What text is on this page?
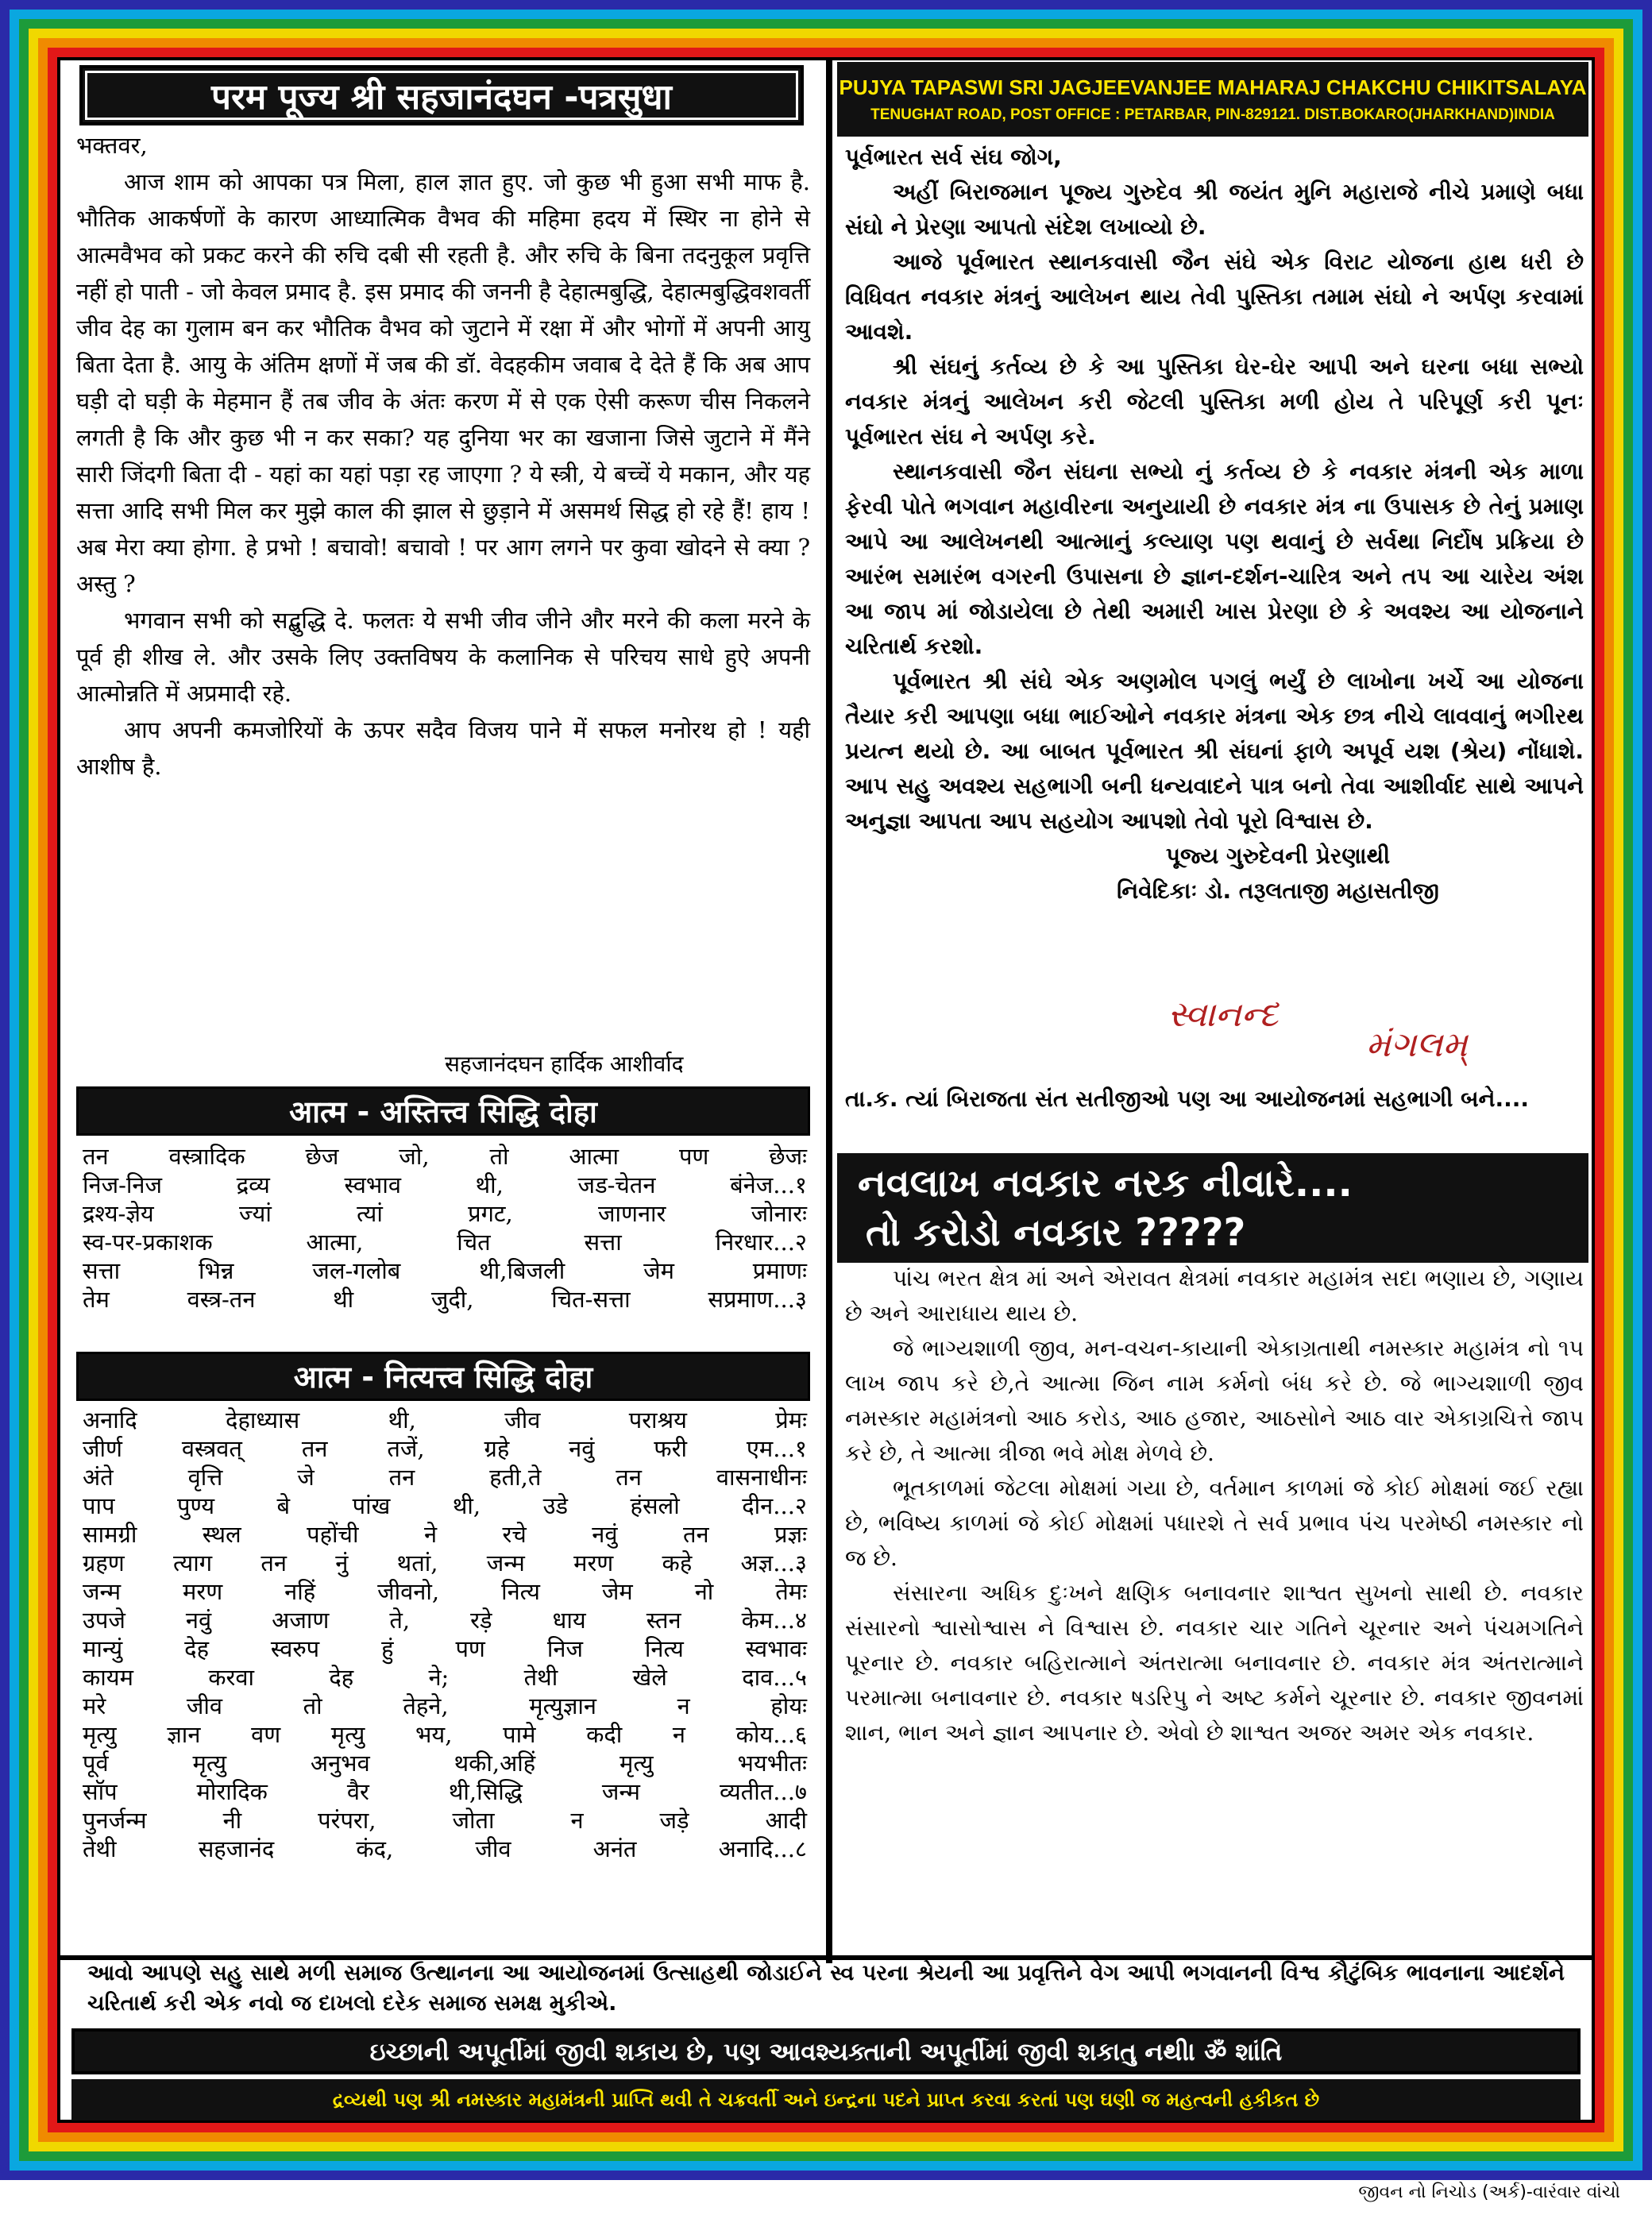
परम पूज्य श्री सहजानंदघन -पत्रसुधा

भक्तवर,

आज शाम को आपका पत्र मिला, हाल ज्ञात हुए. जो कुछ भी हुआ सभी माफ है. भौतिक आकर्षणों के कारण आध्यात्मिक वैभव की महिमा हदय में स्थिर ना होने से आत्मवैभव को प्रकट करने की रुचि दबी सी रहती है. और रुचि के बिना तदनुकूल प्रवृत्ति नहीं हो पाती - जो केवल प्रमाद है. इस प्रमाद की जननी है देहात्मबुद्धि, देहात्मबुद्धिवशवर्ती जीव देह का गुलाम बन कर भौतिक वैभव को जुटाने में रक्षा में और भोगों में अपनी आयु बिता देता है. आयु के अंतिम क्षणों में जब की डॉ. वेदहकीम जवाब दे देते हैं कि अब आप घड़ी दो घड़ी के मेहमान हैं तब जीव के अंतः करण में से एक ऐसी करूण चीस निकलने लगती है कि और कुछ भी न कर सका? यह दुनिया भर का खजाना जिसे जुटाने में मैंने सारी जिंदगी बिता दी - यहां का यहां पड़ा रह जाएगा ? ये स्त्री, ये बच्चें ये मकान, और यह सत्ता आदि सभी मिल कर मुझे काल की झाल से छुड़ाने में असमर्थ सिद्ध हो रहे हैं! हाय ! अब मेरा क्या होगा. हे प्रभो ! बचावो! बचावो ! पर आग लगने पर कुवा खोदने से क्या ? अस्तु ?

भगवान सभी को सद्बुद्धि दे. फलतः ये सभी जीव जीने और मरने की कला मरने के पूर्व ही शीख ले. और उसके लिए उक्तविषय के कलानिक से परिचय साधे हुऐ अपनी आत्मोन्नति में अप्रमादी रहे.

आप अपनी कमजोरियों के ऊपर सदैव विजय पाने में सफल मनोरथ हो ! यही आशीष है.

सहजानंदघन हार्दिक आशीर्वाद
आत्म - अस्तित्त्व सिद्धि दोहा
तन वस्त्रादिक छेज जो, तो आत्मा पण छेजः
निज-निज द्रव्य स्वभाव थी, जड-चेतन बंनेज...१
द्रश्य-ज्ञेय ज्यां त्यां प्रगट, जाणनार जोनारः
स्व-पर-प्रकाशक आत्मा, चित सत्ता निरधार...२
सत्ता भिन्न जल-गलोब थी,बिजली जेम प्रमाणः
तेम वस्त्र-तन थी जुदी, चित-सत्ता सप्रमाण...३
आत्म - नित्यत्त्व सिद्धि दोहा
अनादि देहाध्यास थी, जीव पराश्रय प्रेमः
जीर्ण वस्त्रवत् तन तजें, ग्रहे नवुं फरी एम...१
अंते वृत्ति जे तन हती,ते तन वासनाधीनः
पाप पुण्य बे पांख थी, उडे हंसलो दीन...२
सामग्री स्थल पहोंची ने रचे नवुं तन प्रज्ञः
ग्रहण त्याग तन नुं थतां, जन्म मरण कहे अज्ञ...३
जन्म मरण नहिं जीवनो, नित्य जेम नो तेमः
उपजे नवुं अजाण ते, रड़े धाय स्तन केम...४
मान्युं देह स्वरुप हुं पण निज नित्य स्वभावः
कायम करवा देह ने; तेथी खेले दाव...५
मरे जीव तो तेहने, मृत्युज्ञान न होयः
मृत्यु ज्ञान वण मृत्यु भय, पामे कदी न कोय...६
पूर्व मृत्यु अनुभव थकी,अहिं मृत्यु भयभीतः
सॉप मोरादिक वैर थी,सिद्धि जन्म व्यतीत...७
पुनर्जन्म नी परंपरा, जोता न जड़े आदी
तेथी सहजानंद कंद, जीव अनंत अनादि...८
PUJYA TAPASWI SRI JAGJEEVANJEE MAHARAJ CHAKCHU CHIKITSALAYA
TENUGHAT ROAD, POST OFFICE : PETARBAR, PIN-829121. DIST.BOKARO(JHARKHAND)INDIA

પૂર્વભારત સર્વ સંઘ જોગ,

અહીં બિરાજમાન પૂજ્ય ગુરુદેવ શ્રી જયંત મુનિ મહારાજે નીચે પ્રમાણે બધા સંઘો ને પ્રેરણા આપતો સંદેશ લખાવ્યો છે.

આજે પૂર્વભારત સ્થાનકવાસી જૈન સંઘે એક વિરાટ યોજના હાથ ધરી છે વિધિવત નવકાર મંત્રનું આલેખન થાય તેવી પુસ્તિકા તમામ સંઘો ને અર્પણ કરવામાં આવશે.

શ્રી સંઘનું કર્તવ્ય છે કે આ પુસ્તિકા ઘેર-ઘેર આપી અને ઘરના બધા સભ્યો નવકાર મંત્રનું આલેખન કરી જેટલી પુસ્તિકા મળી હોય તે પરિપૂર્ણ કરી પૂનઃ પૂર્વભારત સંઘ ને અર્પણ કરે.

સ્થાનકવાસી જૈન સંઘના સભ્યો નું કર્તવ્ય છે કે નવકાર મંત્રની એક માળા ફેરવી પોતે ભગવાન મહાવીરના અનુયાયી છે નવકાર મંત્ર ના ઉપાસક છે તેનું પ્રમાણ આપે આ આલેખનથી આત્માનું કલ્યાણ પણ થવાનું છે સર્વથા નિર્દોષ પ્રક્રિયા છે આરંભ સમારંભ વગરની ઉપાસના છે જ્ઞાન-દર્શન-ચારિત્ર અને તપ આ ચારેય અંશ આ જાપ માં જોડાયેલા છે તેથી અમારી ખાસ પ્રેરણા છે કે અવશ્ય આ યોજનાને ચરિતાર્થ કરશો.

પૂર્વભારત શ્રી સંઘે એક અણમોલ પગલું ભર્યું છે લાખોના ખર્ચે આ યોજના તૈયાર કરી આપણા બધા ભાઈઓને નવકાર મંત્રના એક છત્ર નીચે લાવવાનું ભગીરથ પ્રયત્ન થયો છે. આ બાબત પૂર્વભારત શ્રી સંઘનાં ફાળે અપૂર્વ યશ (શ્રેય) નોંધાશે. આપ સહુ અવશ્ય સહભાગી બની ધન્યવાદને પાત્ર બનો તેવા આશીર્વાદ સાથે આપને અનુજ્ઞા આપતા આપ સહયોગ આપશો તેવો પૂરો વિશ્વાસ છે.

પૂજ્ય ગુરુદેવની પ્રેરણાથી
નિવેદિકાઃ ડો. તરૂલતાજી મહાસતીજી
સ્વાનન્દ
મંગલમ્
તા.ક. ત્યાં બિરાજતા સંત સતીજીઓ પણ આ આયોજનમાં સહભાગી બને....
નવલાખ નવકાર નરક નીવારે....
તો કરોડો નવકાર ?????

પાંચ ભરત ક્ષેત્ર માં અને એરાવત ક્ષેત્રમાં નવકાર મહામંત્ર સદા ભણાય છે, ગણાય છે અને આરાધાય થાય છે.

જે ભાગ્યશાળી જીવ, મન-વચન-કાયાની એકાગ્રતાથી નમસ્કાર મહામંત્ર નો ૧૫ લાખ જાપ કરે છે,તે આત્મા જિન નામ કર્મનો બંધ કરે છે. જે ભાગ્યશાળી જીવ નમસ્કાર મહામંત્રનો આઠ કરોડ, આઠ હજાર, આઠસોને આઠ વાર એકાગ્રચિત્તે જાપ કરે છે, તે આત્મા ત્રીજા ભવે મોક્ષ મેળવે છે.

ભૂતકાળમાં જેટલા મોક્ષમાં ગયા છે, વર્તમાન કાળમાં જે કોઈ મોક્ષમાં જઈ રહ્યા છે, ભવિષ્ય કાળમાં જે કોઈ મોક્ષમાં પધારશે તે સર્વ પ્રભાવ પંચ પરમેષ્ઠી નમસ્કાર નો જ છે.

સંસારના અધિક દુઃખને ક્ષણિક બનાવનાર શાશ્વત સુખનો સાથી છે. નવકાર સંસારનો શ્વાસોશ્વાસ ને વિશ્વાસ છે. નવકાર ચાર ગતિને ચૂરનાર અને પંચમગતિને પૂરનાર છે. નવકાર બહિરાત્માને અંતરાત્મા બનાવનાર છે. નવકાર મંત્ર અંતરાત્માને પરમાત્મા બનાવનાર છે. નવકાર ષડરિપુ ને અષ્ટ કર્મને ચૂરનાર છે. નવકાર જીવનમાં શાન, ભાન અને જ્ઞાન આપનાર છે. એવો છે શાશ્વત અજર અમર એક નવકાર.

આવો આપણે સહુ સાથે મળી સમાજ ઉત્થાનના આ આયોજનમાં ઉત્સાહથી જોડાઈને સ્વ પરના શ્રેયની આ પ્રવૃત્તિને વેગ આપી ભગવાનની વિશ્વ કૌટુંબિક ભાવનાના આદર્શને ચરિતાર્થ કરી એક નવો જ દાખલો દરેક સમાજ સમક્ષ મુકીએ.
ઇચ્છાની અપૂર્તીમાં જીવી શકાય છે, પણ આવશ્યક્તાની અપૂર્તીમાં જીવી શકાતુ નથી। ॐ શાંતિ
દ્રવ્યથી પણ શ્રી નમસ્કાર મહામંત્રની પ્રાપ્તિ થવી તે ચક્રવર્તી અને ઇન્દ્રના પદને પ્રાપ્ત કરવા કરતાં પણ ઘણી જ મહત્વની હકીકત છે
જીવન નો નિચોડ (અર્ક)-વારંવાર વાંચો
